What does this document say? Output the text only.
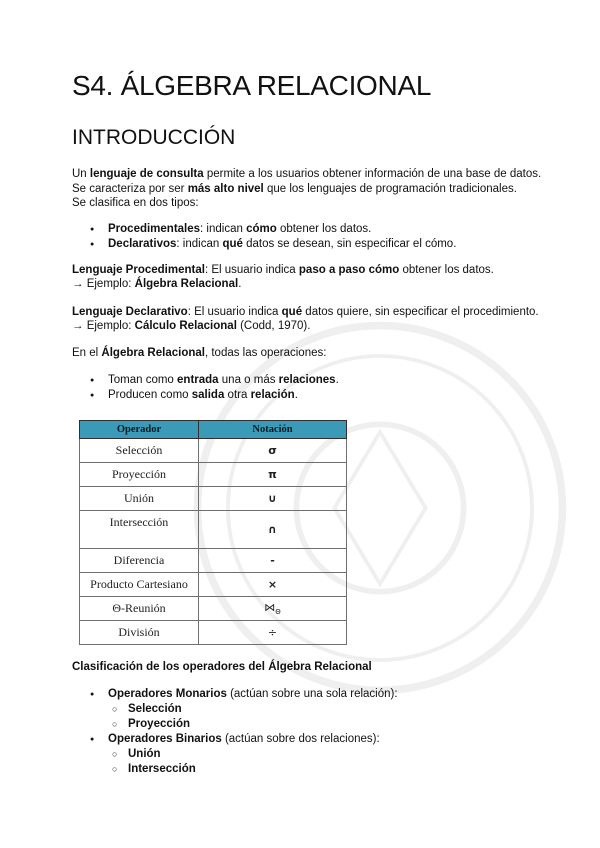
S4. ÁLGEBRA RELACIONAL
INTRODUCCIÓN

Un lenguaje de consulta permite a los usuarios obtener información de una base de datos.

Se caracteriza por ser más alto nivel que los lenguajes de programación tradicionales.

Se clasifica en dos tipos:

● Procedimentales: indican cómo obtener los datos.
● Declarativos: indican qué datos se desean, sin especificar el cómo.

Lenguaje Procedimental: El usuario indica paso a paso cómo obtener los datos.

→ Ejemplo: Álgebra Relacional.

Lenguaje Declarativo: El usuario indica qué datos quiere, sin especificar el procedimiento.

→ Ejemplo: Cálculo Relacional (Codd, 1970).

En el Álgebra Relacional, todas las operaciones:

● Toman como entrada una o más relaciones.
● Producen como salida otra relación.
Operador	Notación
Selección	σ
Proyección	π
Unión	∪
Intersección	∩
Diferencia	-
Producto Cartesiano	×
Θ-Reunión	$⋈_\Theta$
División	÷

Clasificación de los operadores del Álgebra Relacional

● Operadores Monarios (actúan sobre una sola relación):
○ Selección
○ Proyección
● Operadores Binarios (actúan sobre dos relaciones):
○ Unión
○ Intersección
